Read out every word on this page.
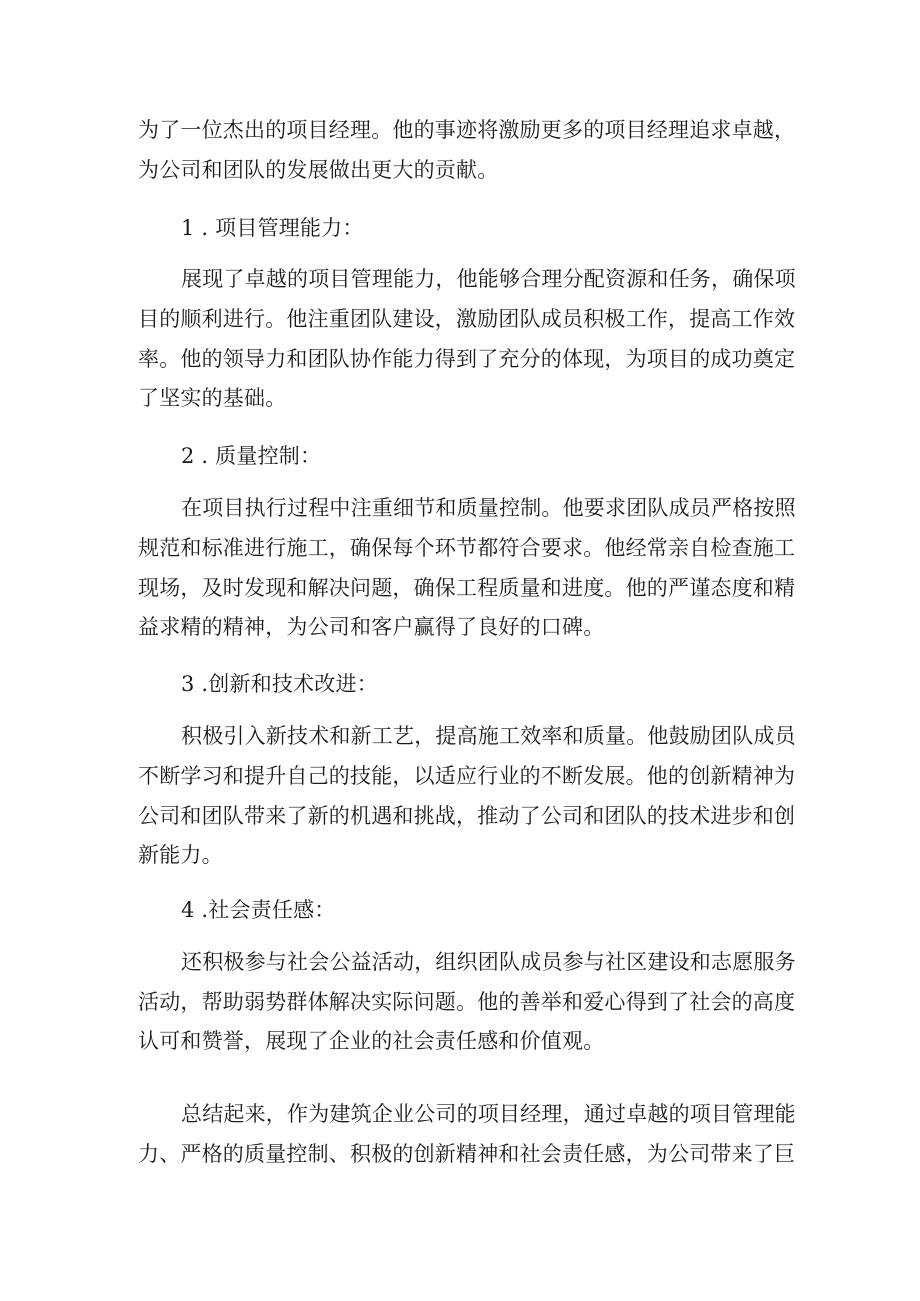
为了一位杰出的项目经理。他的事迹将激励更多的项目经理追求卓越，
为公司和团队的发展做出更大的贡献。
1 . 项目管理能力：
展现了卓越的项目管理能力，他能够合理分配资源和任务，确保项
目的顺利进行。他注重团队建设，激励团队成员积极工作，提高工作效
率。他的领导力和团队协作能力得到了充分的体现，为项目的成功奠定
了坚实的基础。
2 . 质量控制：
在项目执行过程中注重细节和质量控制。他要求团队成员严格按照
规范和标准进行施工，确保每个环节都符合要求。他经常亲自检查施工
现场，及时发现和解决问题，确保工程质量和进度。他的严谨态度和精
益求精的精神，为公司和客户赢得了良好的口碑。
3 .创新和技术改进：
积极引入新技术和新工艺，提高施工效率和质量。他鼓励团队成员
不断学习和提升自己的技能，以适应行业的不断发展。他的创新精神为
公司和团队带来了新的机遇和挑战，推动了公司和团队的技术进步和创
新能力。
4 .社会责任感：
还积极参与社会公益活动，组织团队成员参与社区建设和志愿服务
活动，帮助弱势群体解决实际问题。他的善举和爱心得到了社会的高度
认可和赞誉，展现了企业的社会责任感和价值观。
总结起来，作为建筑企业公司的项目经理，通过卓越的项目管理能
力、严格的质量控制、积极的创新精神和社会责任感，为公司带来了巨
